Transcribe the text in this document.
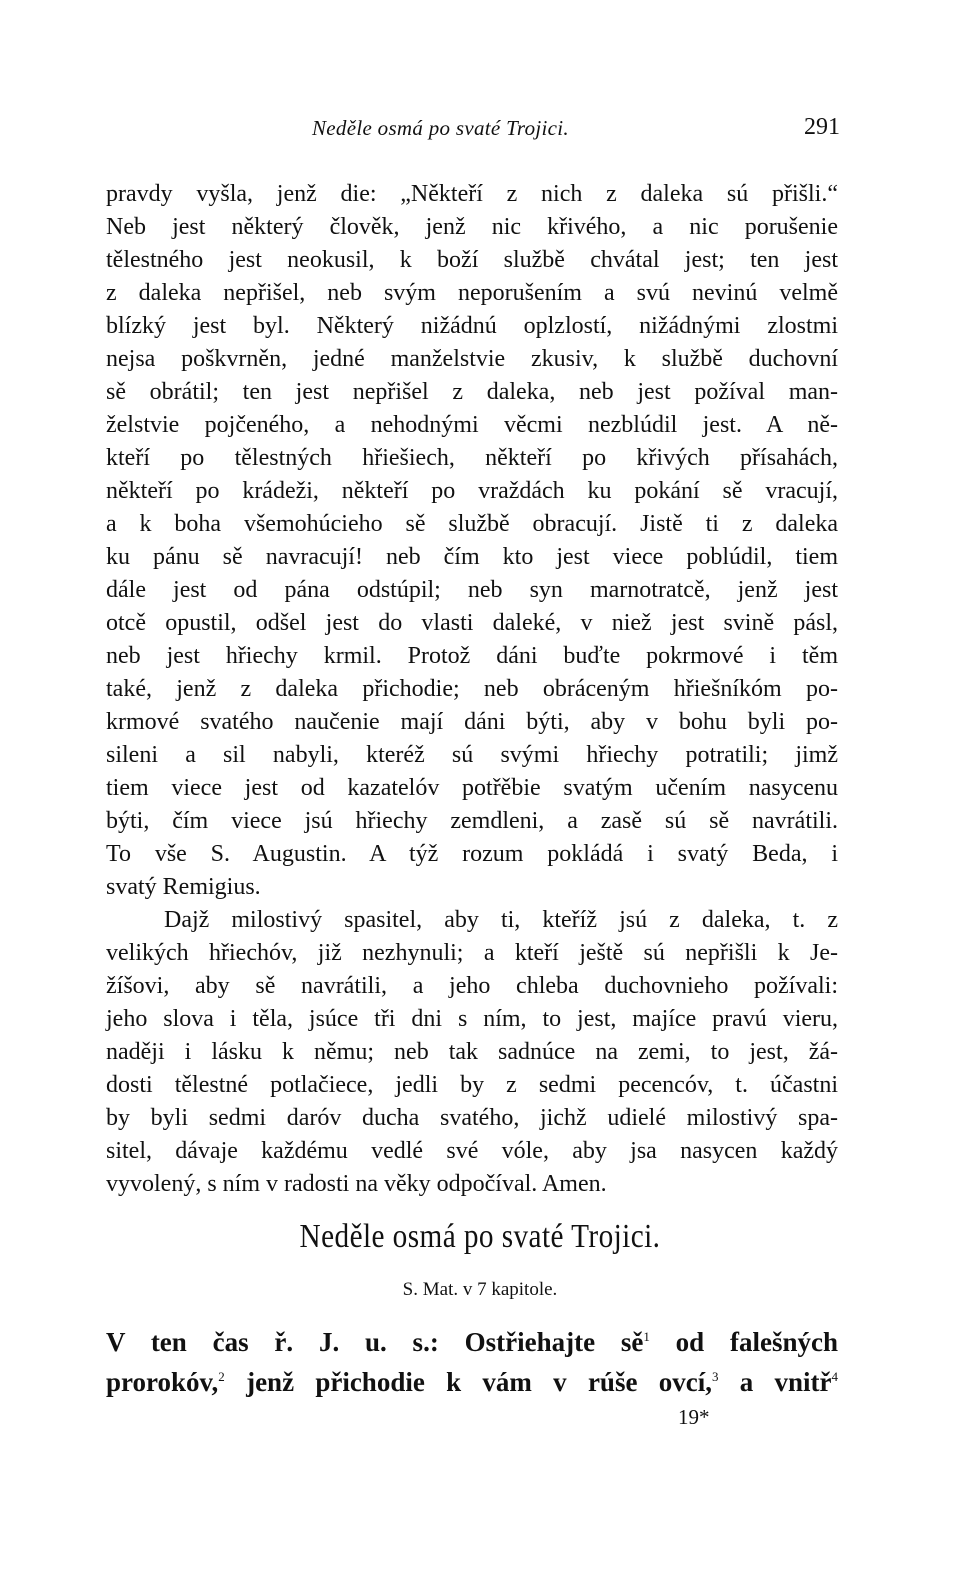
Neděle osmá po svaté Trojici.	291
pravdy vyšla, jenž die: „Někteří z nich z daleka sú přišli.“
Neb jest některý člověk, jenž nic křivého, a nic porušenie
tělestného jest neokusil, k boží službě chvátal jest; ten jest
z daleka nepřišel, neb svým neporušením a svú nevinú velmě
blízký jest byl. Některý nižádnú oplzlostí, nižádnými zlostmi
nejsa poškvrněn, jedné manželstvie zkusiv, k službě duchovní
sě obrátil; ten jest nepřišel z daleka, neb jest požíval man-
želstvie pojčeného, a nehodnými věcmi nezblúdil jest. A ně-
kteří po tělestných hřiešiech, někteří po křivých přísahách,
někteří po krádeži, někteří po vraždách ku pokání sě vracují,
a k boha všemohúcieho sě službě obracují. Jistě ti z daleka
ku pánu sě navracují! neb čím kto jest viece poblúdil, tiem
dále jest od pána odstúpil; neb syn marnotratcě, jenž jest
otcě opustil, odšel jest do vlasti daleké, v niež jest svině pásl,
neb jest hřiechy krmil. Protož dáni buďte pokrmové i těm
také, jenž z daleka přichodie; neb obráceným hřiešníkóm po-
krmové svatého naučenie mají dáni býti, aby v bohu byli po-
sileni a sil nabyli, kteréž sú svými hřiechy potratili; jimž
tiem viece jest od kazatelóv potřěbie svatým učením nasycenu
býti, čím viece jsú hřiechy zemdleni, a zasě sú sě navrátili.
To vše S. Augustin. A týž rozum pokládá i svatý Beda, i
svatý Remigius.
Dajž milostivý spasitel, aby ti, kteříž jsú z daleka, t. z
velikých hřiechóv, již nezhynuli; a kteří ještě sú nepřišli k Je-
žíšovi, aby sě navrátili, a jeho chleba duchovnieho požívali:
jeho slova i těla, jsúce tři dni s ním, to jest, majíce pravú vieru,
naději i lásku k němu; neb tak sadnúce na zemi, to jest, žá-
dosti tělestné potlačiece, jedli by z sedmi pecencóv, t. účastni
by byli sedmi daróv ducha svatého, jichž udielé milostivý spa-
sitel, dávaje každému vedlé své vóle, aby jsa nasycen každý
vyvolený, s ním v radosti na věky odpočíval. Amen.
Neděle osmá po svaté Trojici.
S. Mat. v 7 kapitole.
V ten čas ř. J. u. s.: Ostřiehajte $sě^1$ od falešných
prorokóv,$^2$ jenž přichodie k vám v rúše ovcí,$^3$ a vnitř$^4$
19*
